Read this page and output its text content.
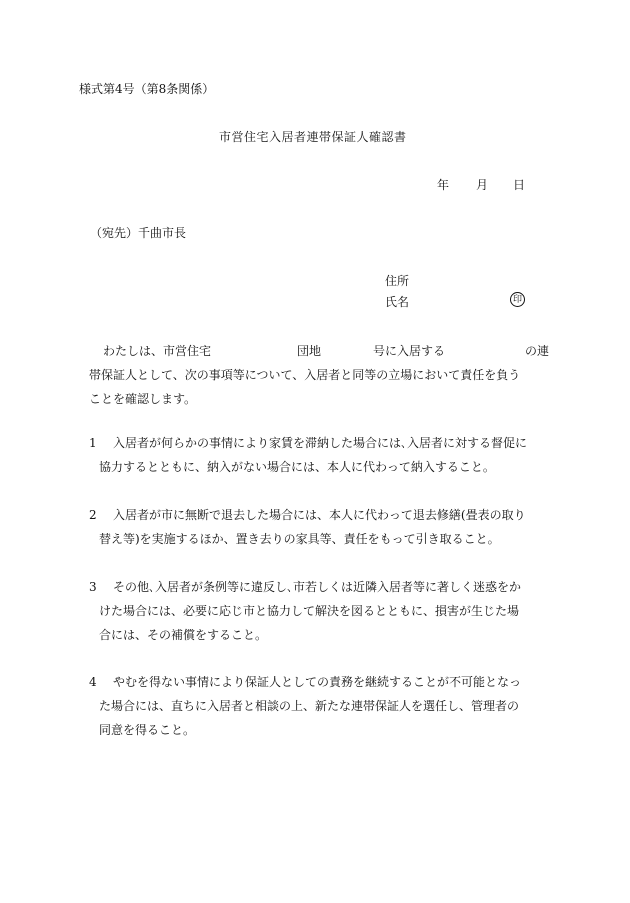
様式第4号（第8条関係）
市営住宅入居者連帯保証人確認書
年 月 日
（宛先）千曲市長
住所
氏名	印
わたしは、市営住宅	団地	号に入居する	の連
帯保証人として、次の事項等について、入居者と同等の立場において責任を負う
ことを確認します。
1 入居者が何らかの事情により家賃を滞納した場合には､入居者に対する督促に
協力するとともに、納入がない場合には、本人に代わって納入すること。
2 入居者が市に無断で退去した場合には、本人に代わって退去修繕(畳表の取り
替え等)を実施するほか、置き去りの家具等、責任をもって引き取ること。
3 その他､入居者が条例等に違反し､市若しくは近隣入居者等に著しく迷惑をか
けた場合には、必要に応じ市と協力して解決を図るとともに、損害が生じた場
合には、その補償をすること。
4 やむを得ない事情により保証人としての責務を継続することが不可能となっ
た場合には、直ちに入居者と相談の上、新たな連帯保証人を選任し、管理者の
同意を得ること。
